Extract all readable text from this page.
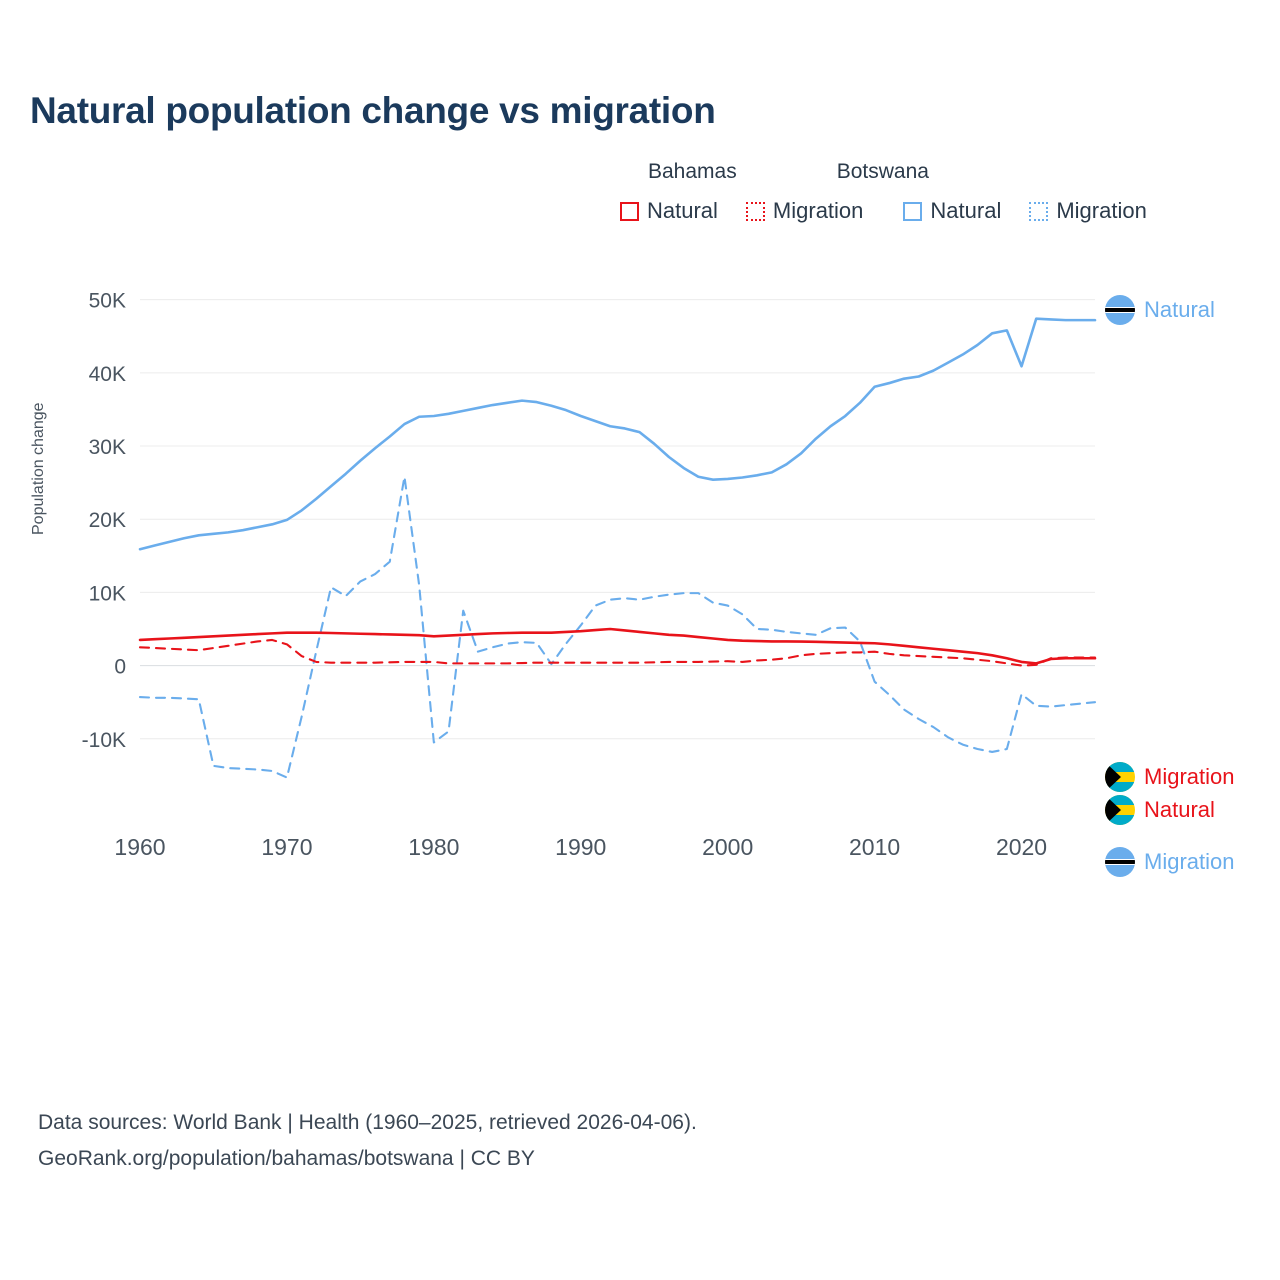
Natural population change vs migration
Bahamas	Botswana
Natural	Migration	Natural	Migration
Population change
-10K
0
10K
20K
30K
40K
50K
1960	1970	1980	1990	2000	2010	2020
Data sources: World Bank | Health (1960–2025, retrieved 2026-04-06).
GeoRank.org/population/bahamas/botswana | CC BY
Natural
Migration
Natural
Migration
